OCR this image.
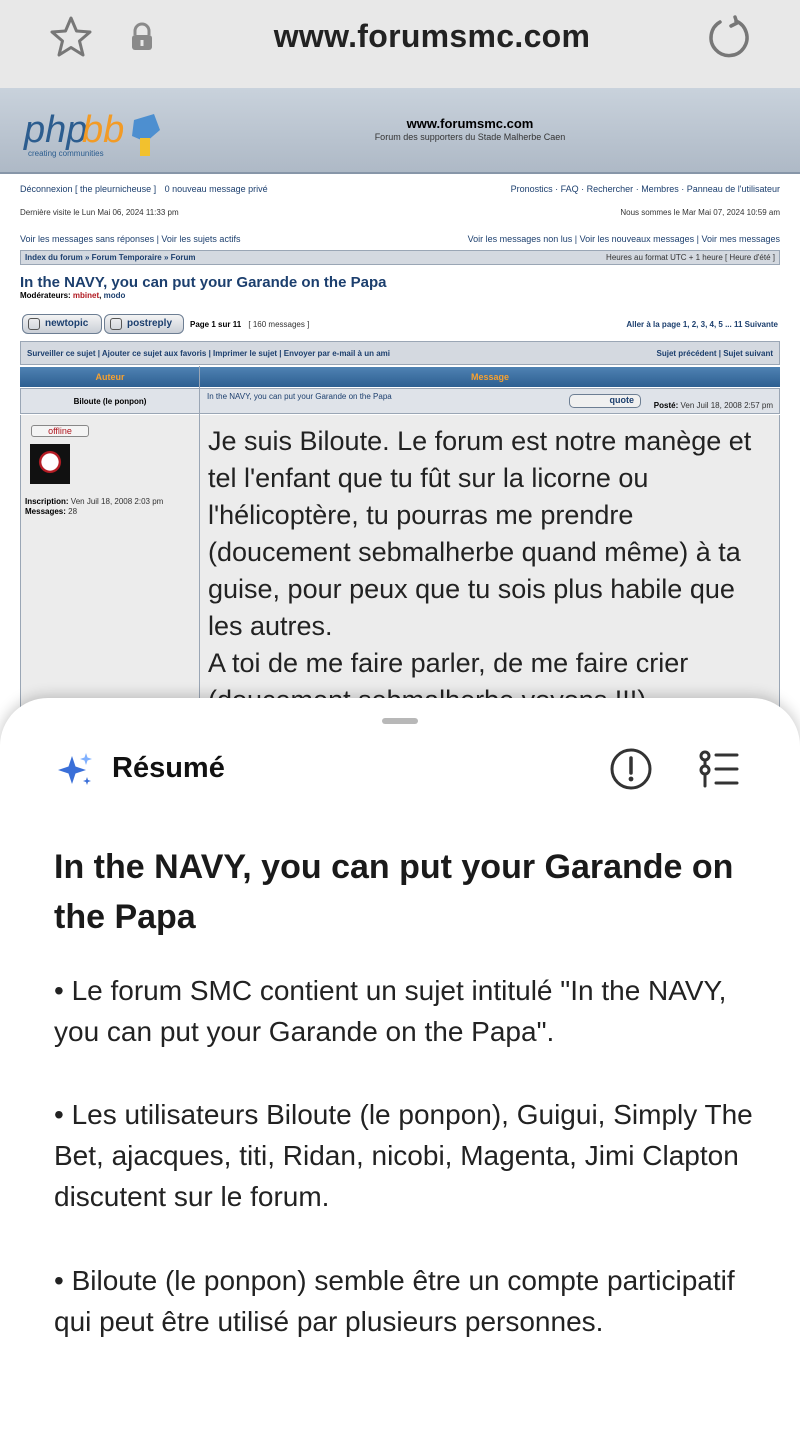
www.forumsmc.com
php
bb
creating communities
www.forumsmc.com
Forum des supporters du Stade Malherbe Caen
Déconnexion [ the pleurnicheuse ] 0 nouveau message privé	Pronostics · FAQ · Rechercher · Membres · Panneau de l'utilisateur
Dernière visite le Lun Mai 06, 2024 11:33 pm	Nous sommes le Mar Mai 07, 2024 10:59 am
Voir les messages sans réponses | Voir les sujets actifs	Voir les messages non lus | Voir les nouveaux messages | Voir mes messages
Index du forum » Forum Temporaire » Forum	Heures au format UTC + 1 heure [ Heure d'été ]
In the NAVY, you can put your Garande on the Papa
Modérateurs: mbinet, modo
newtopic	postreply	Page 1 sur 11 [ 160 messages ]	Aller à la page 1, 2, 3, 4, 5 ... 11 Suivante
Surveiller ce sujet | Ajouter ce sujet aux favoris | Imprimer le sujet | Envoyer par e-mail à un ami	Sujet précédent | Sujet suivant
Auteur	Message
Biloute (le ponpon)
In the NAVY, you can put your Garande on the Papa	quote
Posté: Ven Juil 18, 2008 2:57 pm
offline
Inscription: Ven Juil 18, 2008 2:03 pm
Messages: 28
Je suis Biloute. Le forum est notre manège et tel l'enfant que tu fût sur la licorne ou l'hélicoptère, tu pourras me prendre (doucement sebmalherbe quand même) à ta guise, pour peux que tu sois plus habile que les autres.
A toi de me faire parler, de me faire crier
Résumé
In the NAVY, you can put your Garande on the Papa
• Le forum SMC contient un sujet intitulé "In the NAVY, you can put your Garande on the Papa".
• Les utilisateurs Biloute (le ponpon), Guigui, Simply The Bet, ajacques, titi, Ridan, nicobi, Magenta, Jimi Clapton discutent sur le forum.
• Biloute (le ponpon) semble être un compte participatif qui peut être utilisé par plusieurs personnes.
